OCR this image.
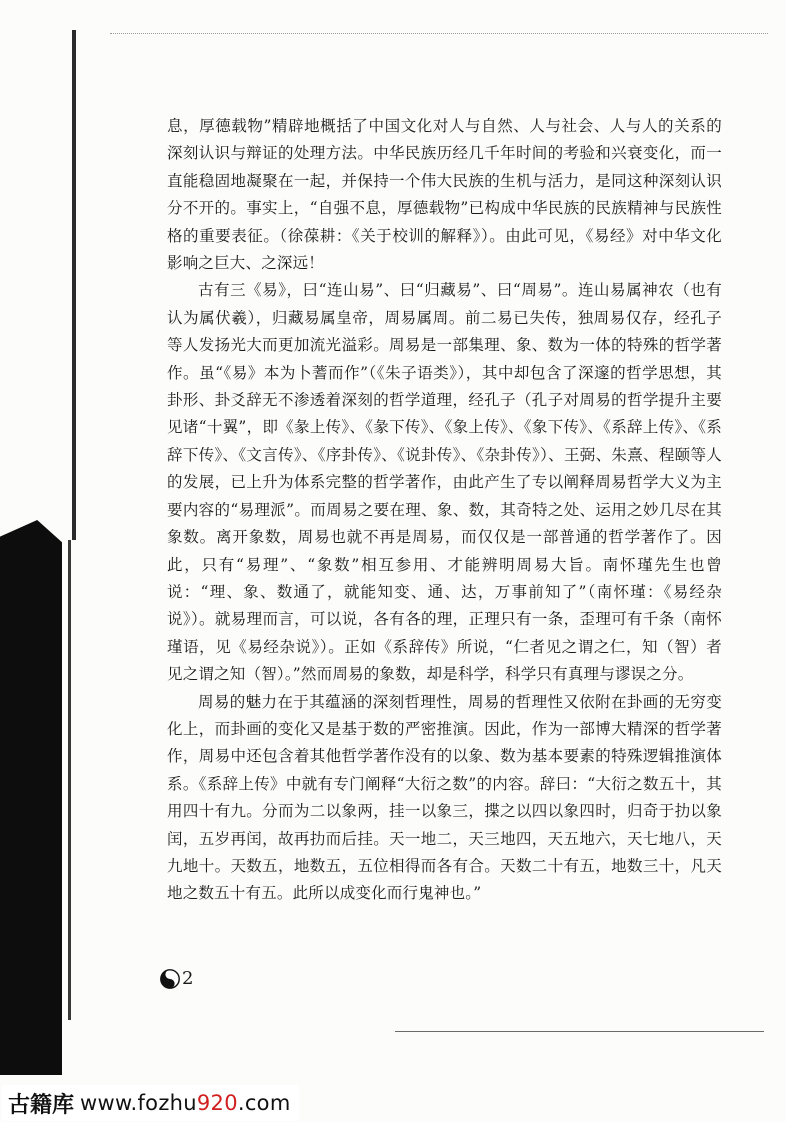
息，厚德载物”精辟地概括了中国文化对人与自然、人与社会、人与人的关系的深刻认识与辩证的处理方法。中华民族历经几千年时间的考验和兴衰变化，而一直能稳固地凝聚在一起，并保持一个伟大民族的生机与活力，是同这种深刻认识分不开的。事实上，“自强不息，厚德载物”已构成中华民族的民族精神与民族性格的重要表征。（徐葆耕：《关于校训的解释》）。由此可见，《易经》对中华文化影响之巨大、之深远！

古有三《易》，曰“连山易”、曰“归藏易”、曰“周易”。连山易属神农（也有认为属伏羲），归藏易属皇帝，周易属周。前二易已失传，独周易仅存，经孔子等人发扬光大而更加流光溢彩。周易是一部集理、象、数为一体的特殊的哲学著作。虽“《易》本为卜蓍而作”（《朱子语类》），其中却包含了深邃的哲学思想，其卦形、卦爻辞无不渗透着深刻的哲学道理，经孔子（孔子对周易的哲学提升主要见诸“十翼”，即《彖上传》、《彖下传》、《象上传》、《象下传》、《系辞上传》、《系辞下传》、《文言传》、《序卦传》、《说卦传》、《杂卦传》）、王弼、朱熹、程颐等人的发展，已上升为体系完整的哲学著作，由此产生了专以阐释周易哲学大义为主要内容的“易理派”。而周易之要在理、象、数，其奇特之处、运用之妙几尽在其象数。离开象数，周易也就不再是周易，而仅仅是一部普通的哲学著作了。因此，只有“易理”、“象数”相互参用、才能辨明周易大旨。南怀瑾先生也曾说：“理、象、数通了，就能知变、通、达，万事前知了”（南怀瑾：《易经杂说》）。就易理而言，可以说，各有各的理，正理只有一条，歪理可有千条（南怀瑾语，见《易经杂说》）。正如《系辞传》所说，“仁者见之谓之仁，知（智）者见之谓之知（智）。”然而周易的象数，却是科学，科学只有真理与谬误之分。

周易的魅力在于其蕴涵的深刻哲理性，周易的哲理性又依附在卦画的无穷变化上，而卦画的变化又是基于数的严密推演。因此，作为一部博大精深的哲学著作，周易中还包含着其他哲学著作没有的以象、数为基本要素的特殊逻辑推演体系。《系辞上传》中就有专门阐释“大衍之数”的内容。辞曰：“大衍之数五十，其用四十有九。分而为二以象两，挂一以象三，揲之以四以象四时，归奇于扐以象闰，五岁再闰，故再扐而后挂。天一地二，天三地四，天五地六，天七地八，天九地十。天数五，地数五，五位相得而各有合。天数二十有五，地数三十，凡天地之数五十有五。此所以成变化而行鬼神也。”

2
古籍库 www.fozhu920.com
